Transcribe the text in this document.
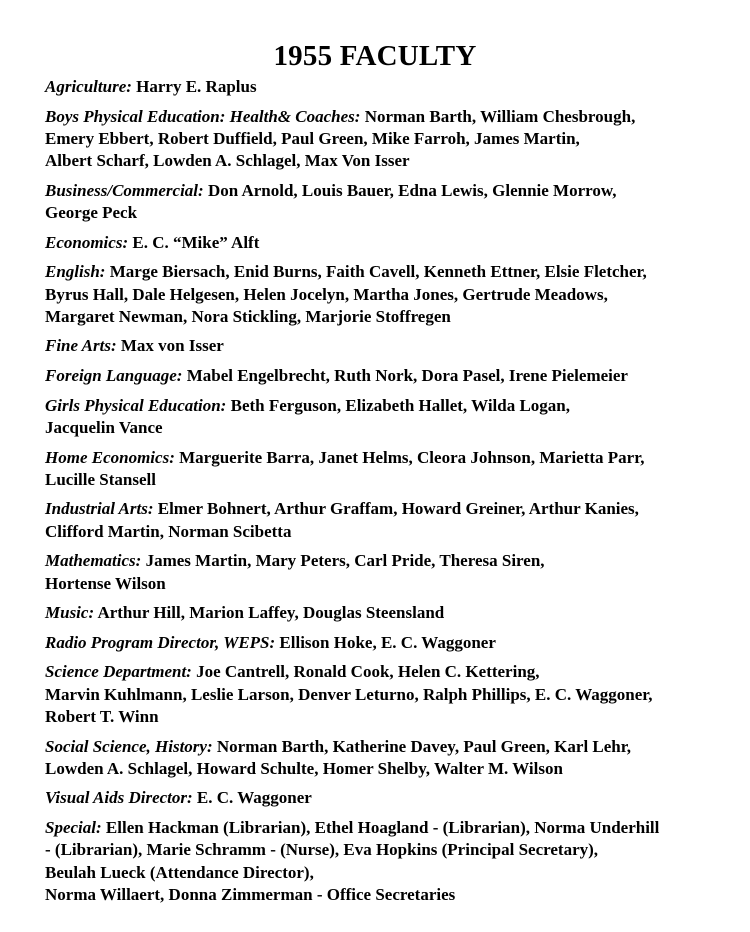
1955 FACULTY

Agriculture: Harry E. Raplus

Boys Physical Education: Health& Coaches: Norman Barth, William Chesbrough,
Emery Ebbert, Robert Duffield, Paul Green, Mike Farroh, James Martin,
Albert Scharf, Lowden A. Schlagel, Max Von Isser

Business/Commercial: Don Arnold, Louis Bauer, Edna Lewis, Glennie Morrow,
George Peck

Economics: E. C. “Mike” Alft

English: Marge Biersach, Enid Burns, Faith Cavell, Kenneth Ettner, Elsie Fletcher,
Byrus Hall, Dale Helgesen, Helen Jocelyn, Martha Jones, Gertrude Meadows,
Margaret Newman, Nora Stickling, Marjorie Stoffregen

Fine Arts: Max von Isser

Foreign Language: Mabel Engelbrecht, Ruth Nork, Dora Pasel, Irene Pielemeier

Girls Physical Education: Beth Ferguson, Elizabeth Hallet, Wilda Logan,
Jacquelin Vance

Home Economics: Marguerite Barra, Janet Helms, Cleora Johnson, Marietta Parr,
Lucille Stansell

Industrial Arts: Elmer Bohnert, Arthur Graffam, Howard Greiner, Arthur Kanies,
Clifford Martin, Norman Scibetta

Mathematics: James Martin, Mary Peters, Carl Pride, Theresa Siren,
Hortense Wilson

Music: Arthur Hill, Marion Laffey, Douglas Steensland

Radio Program Director, WEPS: Ellison Hoke, E. C. Waggoner

Science Department: Joe Cantrell, Ronald Cook, Helen C. Kettering,
Marvin Kuhlmann, Leslie Larson, Denver Leturno, Ralph Phillips, E. C. Waggoner,
Robert T. Winn

Social Science, History: Norman Barth, Katherine Davey, Paul Green, Karl Lehr,
Lowden A. Schlagel, Howard Schulte, Homer Shelby, Walter M. Wilson

Visual Aids Director: E. C. Waggoner

Special: Ellen Hackman (Librarian), Ethel Hoagland - (Librarian), Norma Underhill
- (Librarian), Marie Schramm - (Nurse), Eva Hopkins (Principal Secretary),
Beulah Lueck (Attendance Director),
Norma Willaert, Donna Zimmerman - Office Secretaries
